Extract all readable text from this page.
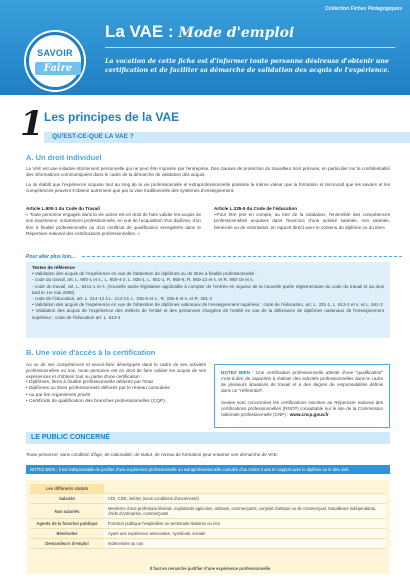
Collection Fiches Pédagogiques
SAVOIR
Faire
La VAE : Mode d'emploi
La vocation de cette fiche est d'informer toute personne désireuse d'obtenir une certification et de faciliter sa démarche de validation des acquis de l'expérience.
1 Les principes de la VAE
QU'EST-CE-QUE LA VAE ?
A. Un droit individuel
La VAE est une initiative strictement personnelle qui ne peut être imposée par l'entreprise. Des clauses de protection du travailleur sont prévues, en particulier sur la confidentialité des informations communiquées dans le cadre de la démarche de validation des acquis.
La loi établit que l'expérience acquise tout au long de la vie professionnelle et extraprofessionnelle possède la même valeur que la formation et reconnaît que les savoirs et les compétences peuvent s'obtenir autrement que par la voie traditionnelle des systèmes d'enseignement.
Article L.900-1 du Code du Travail
« Toute personne engagée dans la vie active est en droit de faire valider les acquis de son expérience, notamment professionnelle, en vue de l'acquisition d'un diplôme, d'un titre à finalité professionnelle ou d'un certificat de qualification enregistrés dans le Répertoire national des certifications professionnelles. »
Article L.335-5 du Code de l'éducation
«Pour être pris en compte, au titre de la validation, l'ensemble des compétences professionnelles acquises dans l'exercice d'une activité salariée, non salariée, bénévole ou de volontariat, en rapport direct avec le contenu du diplôme ou du titre»
Pour aller plus loin...
Textes de référence
• Validation des acquis de l'expérience en vue de l'obtention de diplômes ou de titres à finalité professionnelle :
- code du travail, art. L. 900-1 et s., L. 900-4-2, L. 935-1, L. 951-1, R. 950-8, R. 950-13 et s. et R. 950-19 et s.
- code du travail, art. L. 6411-1 et s. (nouvelle partie législative applicable à compter de l'entrée en vigueur de la nouvelle partie réglementaire du code du travail et au plus tard le 1er mai 2008)
- code de l'éducation, art. L. 214-12 à L. 214-13, L. 335-5 et s., R. 335-5 et s. et R. 361-2
• Validation des acquis de l'expérience en vue de l'obtention de diplômes nationaux de l'enseignement supérieur : code de l'éducation, art. L. 331-1, L. 613-3 et s. et L. 641-2
• Validation des acquis de l'expérience des métiers de l'entité et des personnes chargées de l'entité en vue de la délivrance de diplômes nationaux de l'enseignement supérieur : code de l'éducation art. L. 613-4
B. Une voie d'accès à la certification
Au vu de ses compétences et savoir-faire développés dans le cadre de ses activités professionnelles ou non, toute personne est en droit de faire valider les acquis de ses expériences et d'obtenir tout ou partie d'une certification :
• Diplômes, titres à finalité professionnelle délivrés par l'Etat
• Diplômes ou titres professionnels délivrés par le réseau consulaire
• ou par les organismes privés
• Certificats de qualification des branches professionnelles (CQP).
NOTEZ BIEN : Une certification professionnelle atteste d'une "qualification" c'est-à-dire de capacités à réaliser des activités professionnelles dans le cadre de plusieurs situations de travail et à des degrés de responsabilités définis dans un "référentiel".

Seules sont concernées les certifications inscrites au Répertoire national des certifications professionnelles (RNCP) consultable sur le site de la Commission nationale professionnelle (CNP) : www.cncp.gouv.fr
LE PUBLIC CONCERNÉ
Toute personne, sans condition d'âge, de nationalité, de statut, de niveau de formation peut entamer une démarche de VAE.
NOTEZ BIEN : Il est indispensable de justifier d'une expérience professionnelle ou extraprofessionnelle cumulée d'au moins 3 ans en rapport avec le diplôme ou le titre visé.
Les différents statuts	
Salariés	CDI, CDD, intérim (sous conditions d'ancienneté)
Non salariés	Membres d'une profession libérale, exploitants agricoles, artisans, commerçants, conjoint d'artisan ou de commerçant, travailleurs indépendants, chefs d'entreprise, commerçants
Agents de la fonction publique	Fonction publique hospitalière ou territoriale titulaires ou non
Bénévoles	Ayant une expérience associative, syndicale, sociale
Demandeurs d'emploi	Indemnisés ou non
Il faut en revanche justifier d'une expérience professionnelle
